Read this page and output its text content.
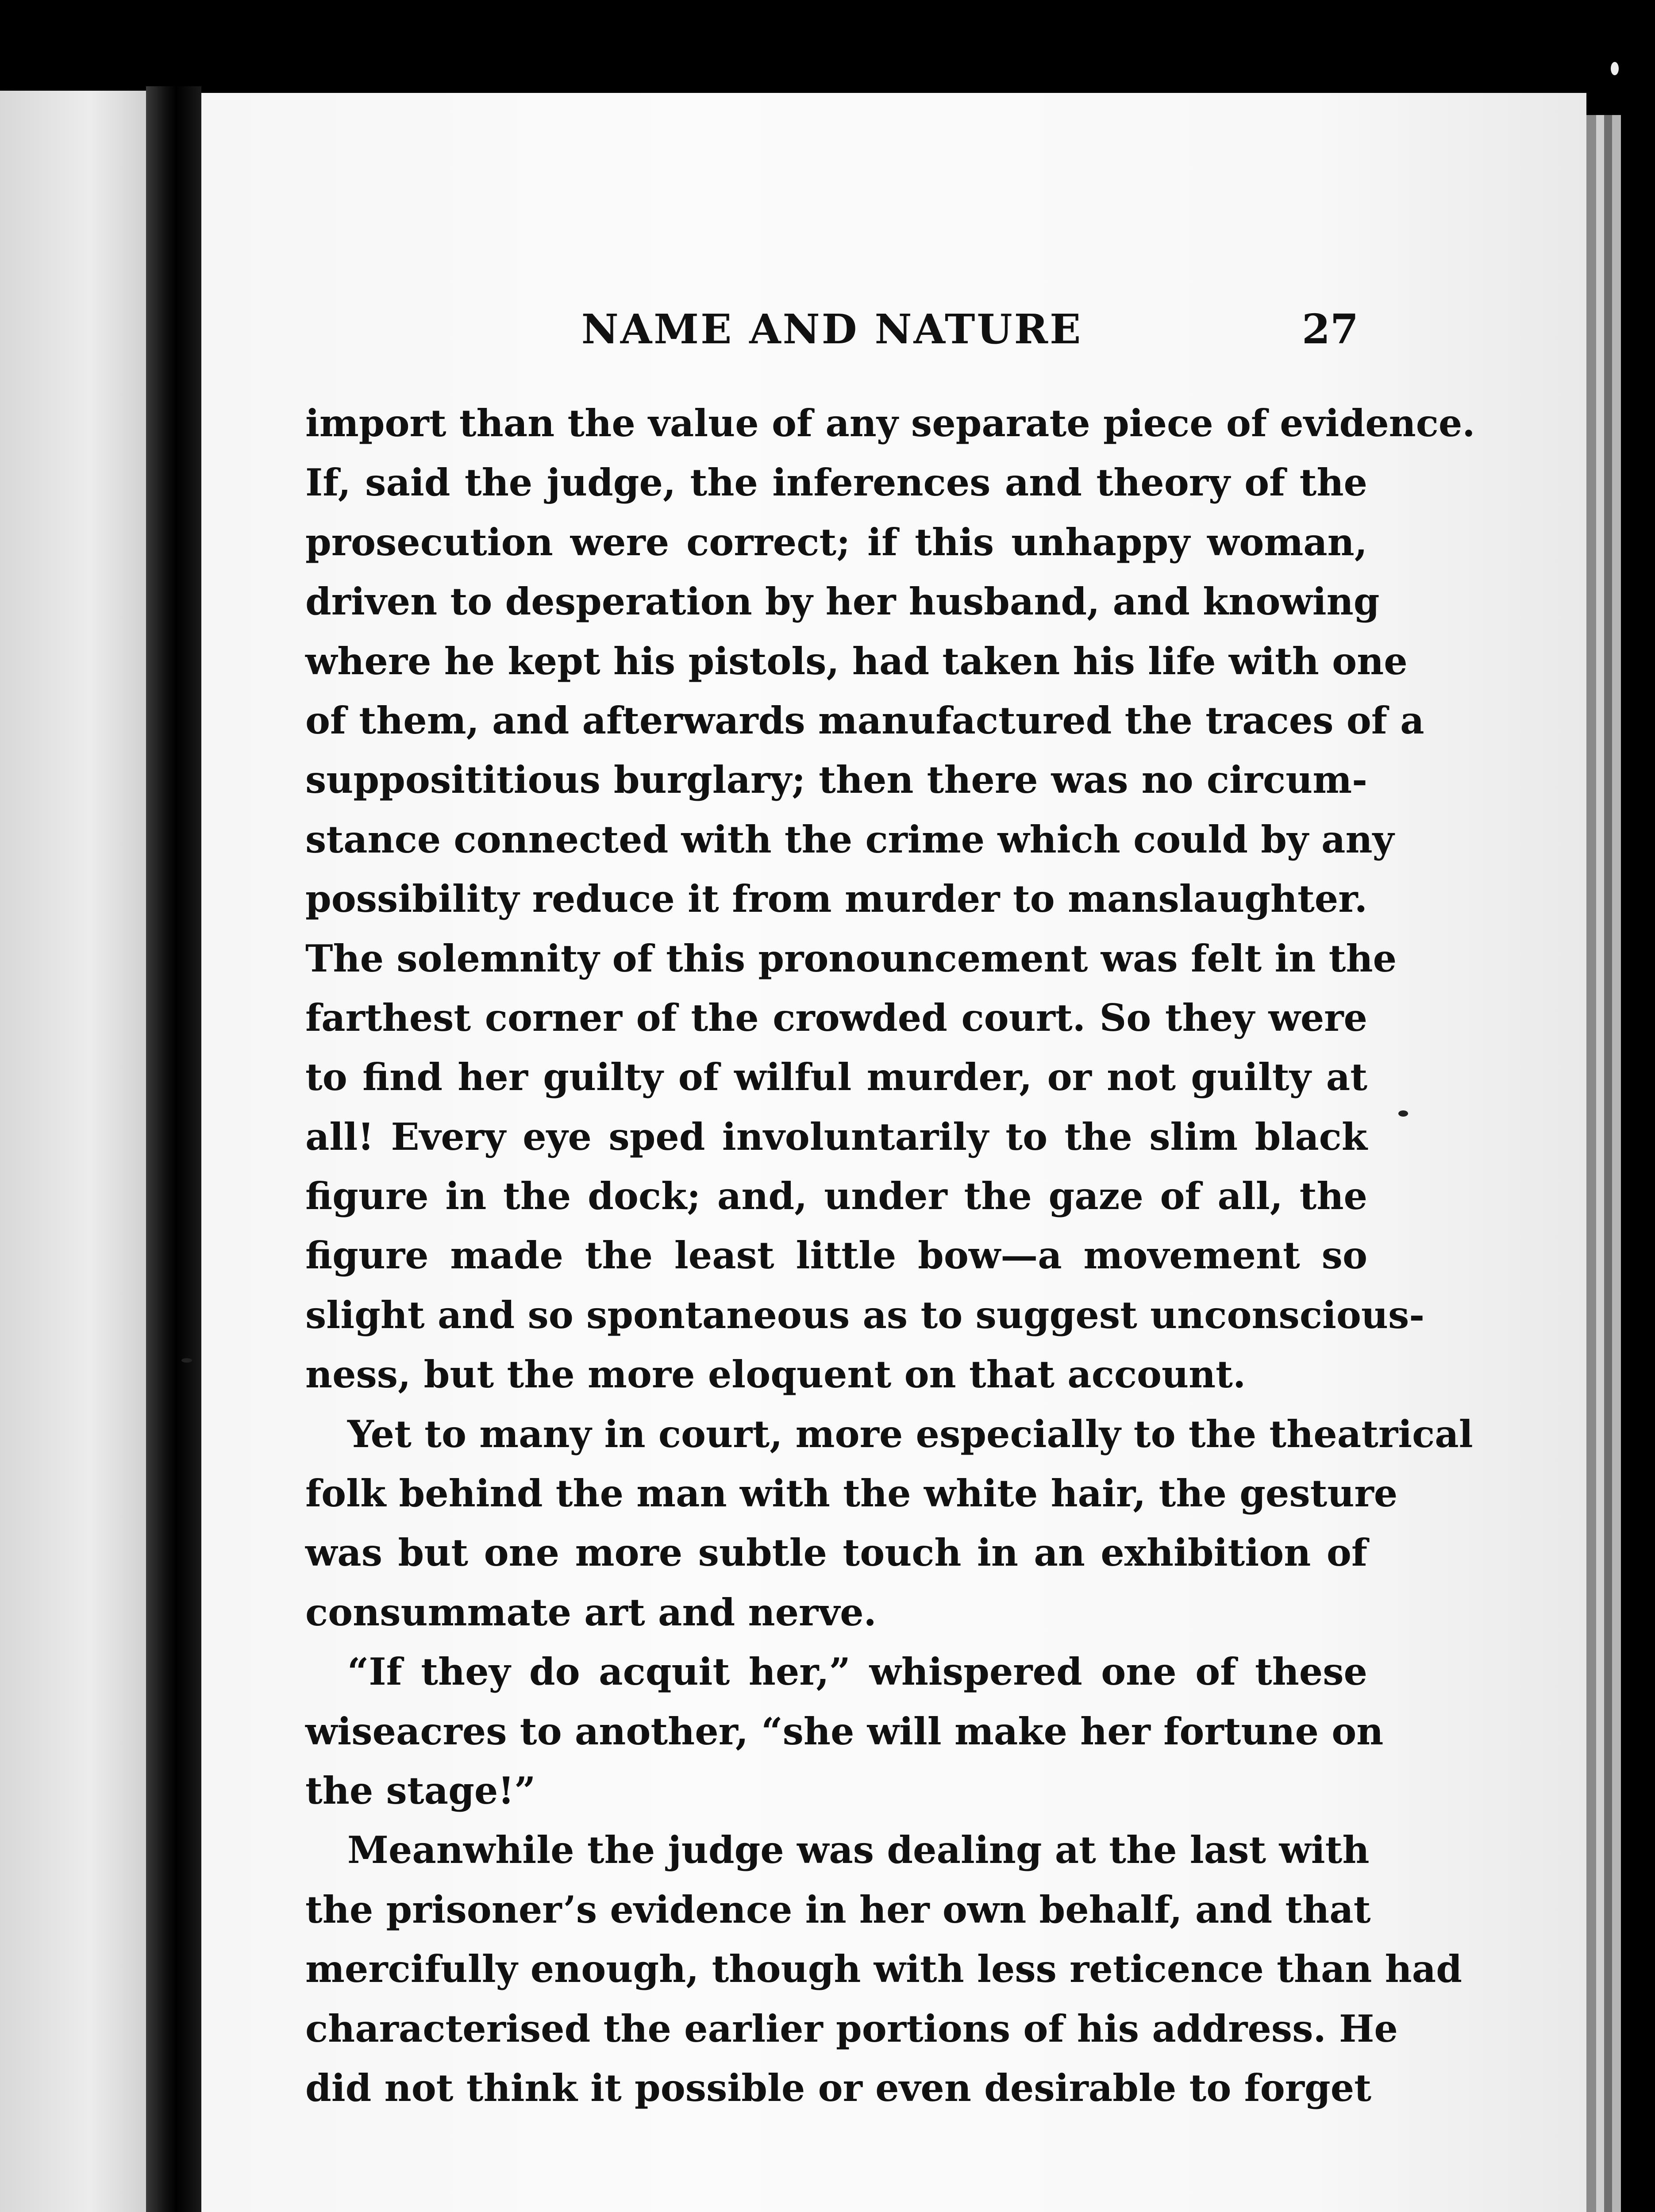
NAME AND NATURE	27
import than the value of any separate piece of evidence.
If, said the judge, the inferences and theory of the
prosecution were correct; if this unhappy woman,
driven to desperation by her husband, and knowing
where he kept his pistols, had taken his life with one
of them, and afterwards manufactured the traces of a
supposititious burglary; then there was no circum-
stance connected with the crime which could by any
possibility reduce it from murder to manslaughter.
The solemnity of this pronouncement was felt in the
farthest corner of the crowded court. So they were
to find her guilty of wilful murder, or not guilty at
all! Every eye sped involuntarily to the slim black
figure in the dock; and, under the gaze of all, the
figure made the least little bow—a movement so
slight and so spontaneous as to suggest unconscious-
ness, but the more eloquent on that account.
Yet to many in court, more especially to the theatrical
folk behind the man with the white hair, the gesture
was but one more subtle touch in an exhibition of
consummate art and nerve.
“If they do acquit her,” whispered one of these
wiseacres to another, “she will make her fortune on
the stage!”
Meanwhile the judge was dealing at the last with
the prisoner’s evidence in her own behalf, and that
mercifully enough, though with less reticence than had
characterised the earlier portions of his address. He
did not think it possible or even desirable to forget
